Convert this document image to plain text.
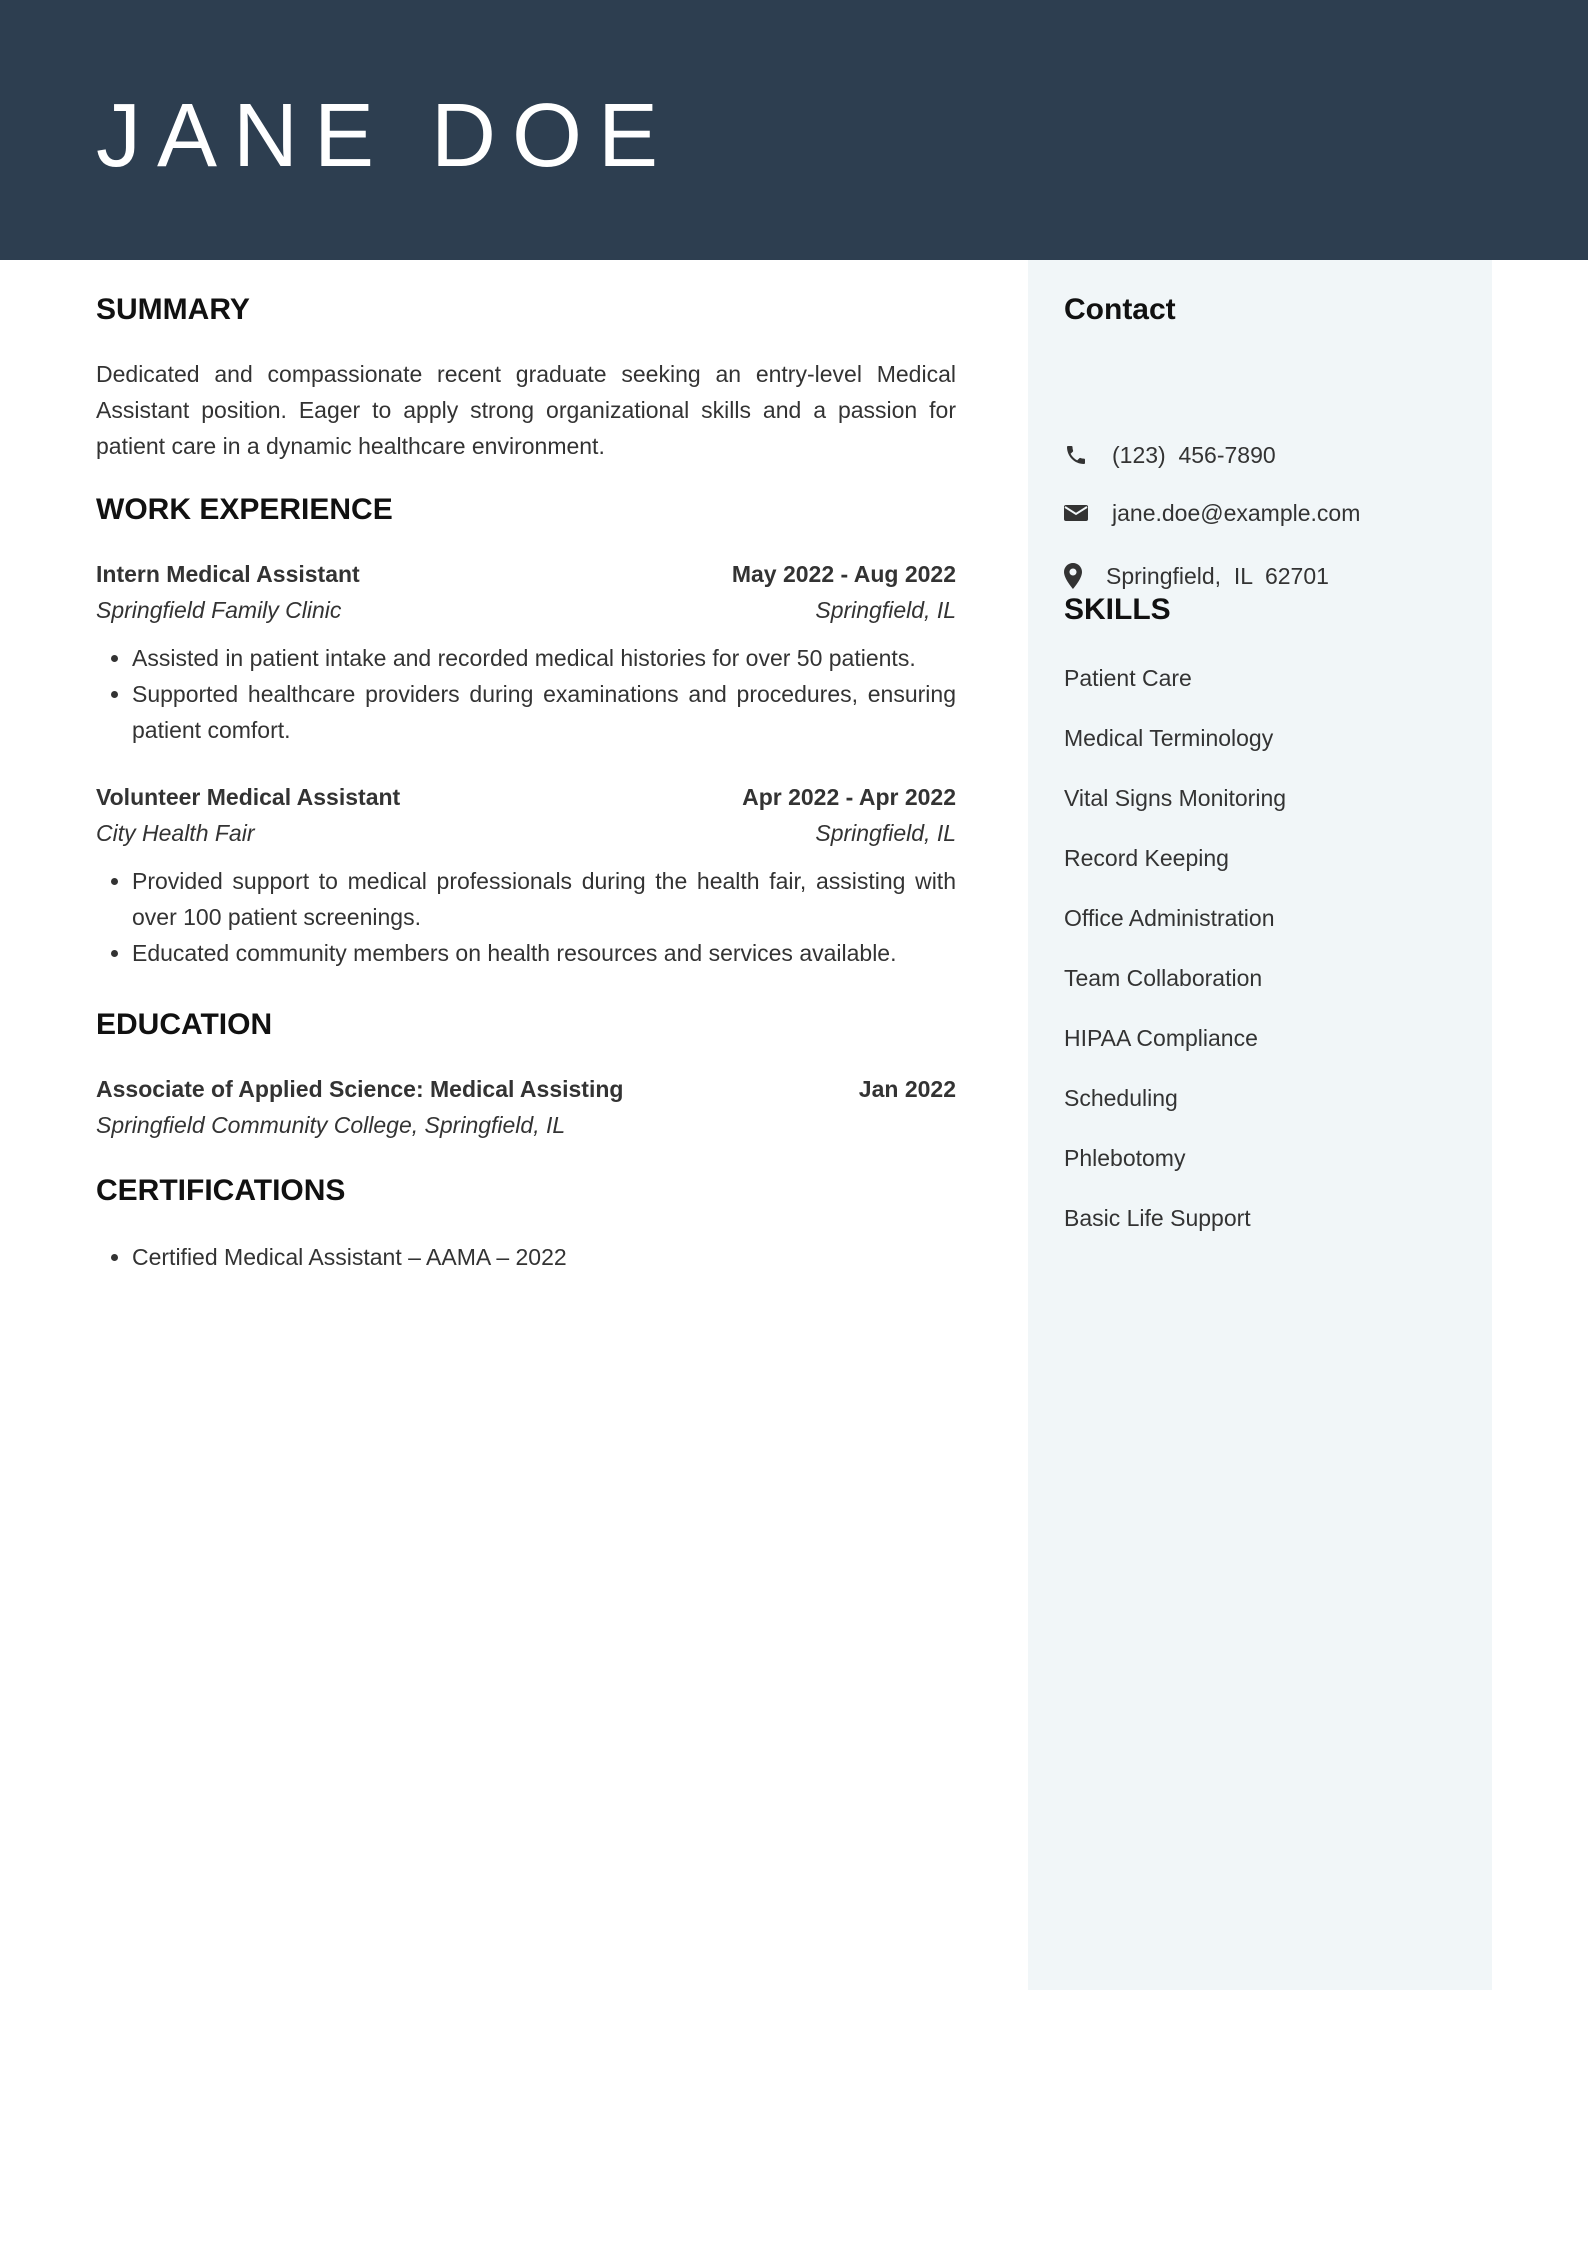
JANE DOE
SUMMARY

Dedicated and compassionate recent graduate seeking an entry-level Medical Assistant position. Eager to apply strong organizational skills and a passion for patient care in a dynamic healthcare environment.

WORK EXPERIENCE
Intern Medical Assistant	May 2022 - Aug 2022
Springfield Family Clinic	Springfield, IL
• Assisted in patient intake and recorded medical histories for over 50 patients.
• Supported healthcare providers during examinations and procedures, ensuring patient comfort.
Volunteer Medical Assistant	Apr 2022 - Apr 2022
City Health Fair	Springfield, IL
• Provided support to medical professionals during the health fair, assisting with over 100 patient screenings.
• Educated community members on health resources and services available.
EDUCATION
Associate of Applied Science: Medical Assisting	Jan 2022
Springfield Community College, Springfield, IL
CERTIFICATIONS
• Certified Medical Assistant – AAMA – 2022
Contact

(123)  456-7890

jane.doe@example.com

Springfield,  IL  62701
SKILLS
Patient Care
Medical Terminology
Vital Signs Monitoring
Record Keeping
Office Administration
Team Collaboration
HIPAA Compliance
Scheduling
Phlebotomy
Basic Life Support
